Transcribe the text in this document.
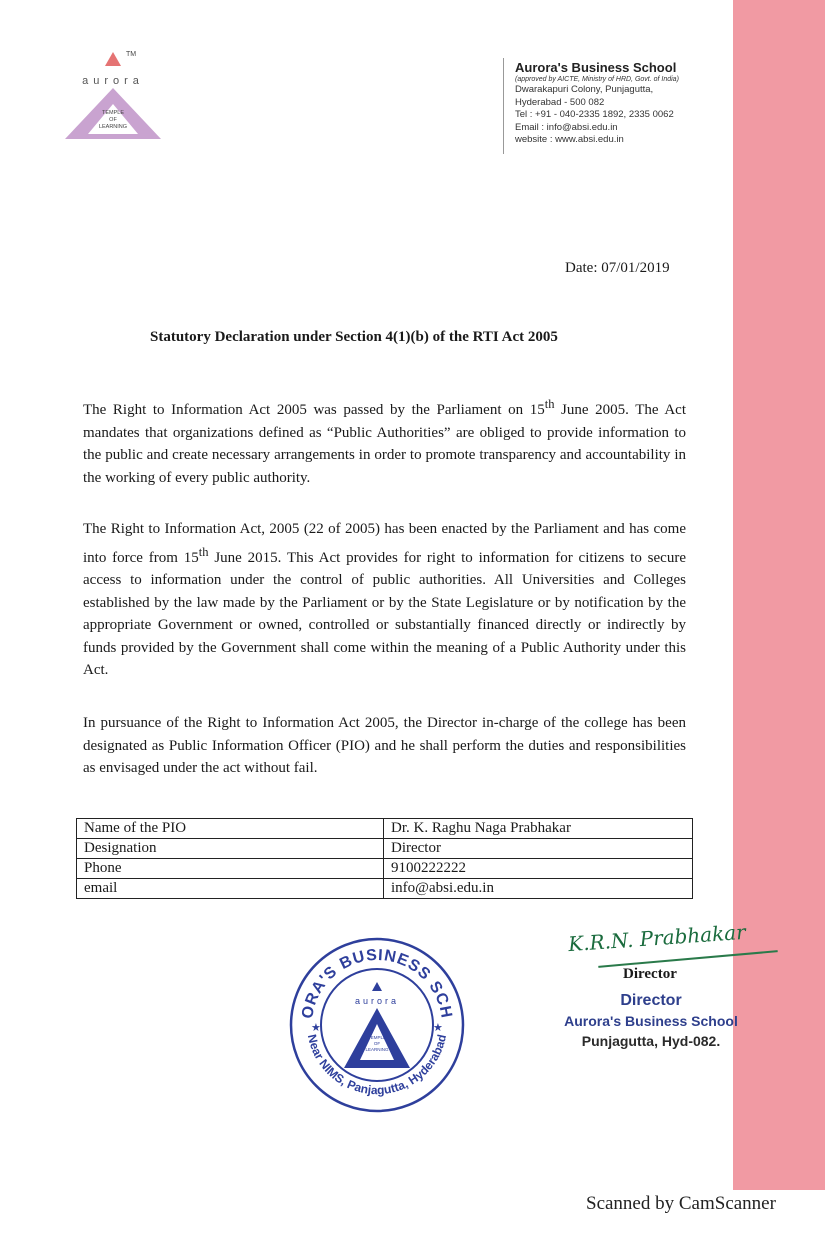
TM
aurora
TEMPLE
OF
LEARNING
Aurora's Business School
(approved by AICTE, Ministry of HRD, Govt. of India)
Dwarakapuri Colony, Punjagutta,
Hyderabad - 500 082
Tel : +91 - 040-2335 1892, 2335 0062
Email : info@absi.edu.in
website : www.absi.edu.in
Date: 07/01/2019
Statutory Declaration under Section 4(1)(b) of the RTI Act 2005

The Right to Information Act 2005 was passed by the Parliament on 15th June 2005. The Act mandates that organizations defined as “Public Authorities” are obliged to provide information to the public and create necessary arrangements in order to promote transparency and accountability in the working of every public authority.

The Right to Information Act, 2005 (22 of 2005) has been enacted by the Parliament and has come into force from 15th June 2015. This Act provides for right to information for citizens to secure access to information under the control of public authorities. All Universities and Colleges established by the law made by the Parliament or by the State Legislature or by notification by the appropriate Government or owned, controlled or substantially financed directly or indirectly by funds provided by the Government shall come within the meaning of a Public Authority under this Act.

In pursuance of the Right to Information Act 2005, the Director in-charge of the college has been designated as Public Information Officer (PIO) and he shall perform the duties and responsibilities as envisaged under the act without fail.

Name of the PIO	Dr. K. Raghu Naga Prabhakar
Designation	Director
Phone	9100222222
email	info@absi.edu.in
ORA'S BUSINESS SCH
Near NIMS, Panjagutta, Hyderabad
★	★
aurora
TEMPLE
OF
LEARNING
K.R.N. Prabhakar
Director
Director
Aurora's Business School
Punjagutta, Hyd-082.
Scanned by CamScanner
